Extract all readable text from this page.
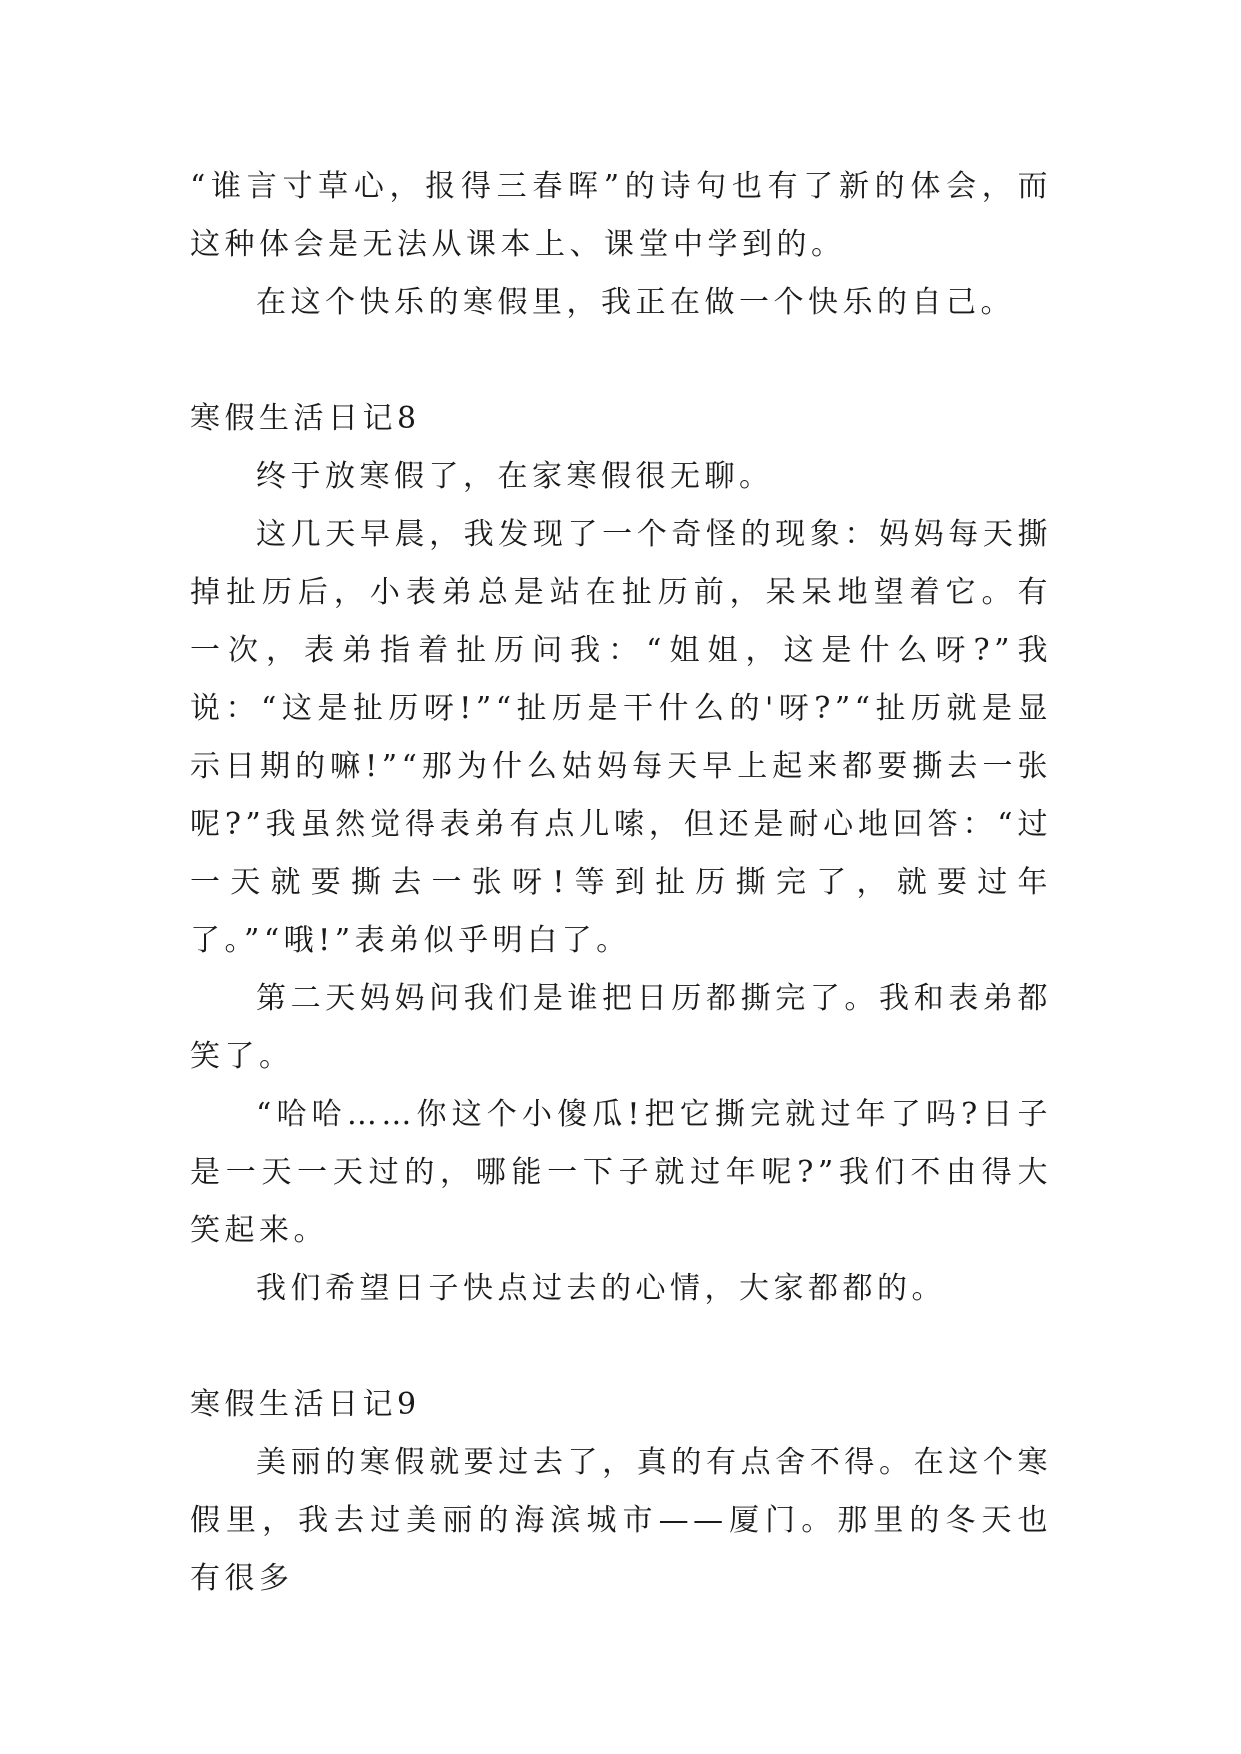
“谁言寸草心，报得三春晖”的诗句也有了新的体会，而这种体会是无法从课本上、课堂中学到的。

在这个快乐的寒假里，我正在做一个快乐的自己。

寒假生活日记8

终于放寒假了，在家寒假很无聊。

这几天早晨，我发现了一个奇怪的现象：妈妈每天撕掉扯历后，小表弟总是站在扯历前，呆呆地望着它。有一次，表弟指着扯历问我：“姐姐，这是什么呀?”我说：“这是扯历呀!”“扯历是干什么的'呀?”“扯历就是显示日期的嘛!”“那为什么姑妈每天早上起来都要撕去一张呢?”我虽然觉得表弟有点儿嗦，但还是耐心地回答：“过一天就要撕去一张呀!等到扯历撕完了，就要过年了。”“哦!”表弟似乎明白了。

第二天妈妈问我们是谁把日历都撕完了。我和表弟都笑了。

“哈哈……你这个小傻瓜!把它撕完就过年了吗?日子是一天一天过的，哪能一下子就过年呢?”我们不由得大笑起来。

我们希望日子快点过去的心情，大家都都的。

寒假生活日记9

美丽的寒假就要过去了，真的有点舍不得。在这个寒假里，我去过美丽的海滨城市——厦门。那里的冬天也有很多
